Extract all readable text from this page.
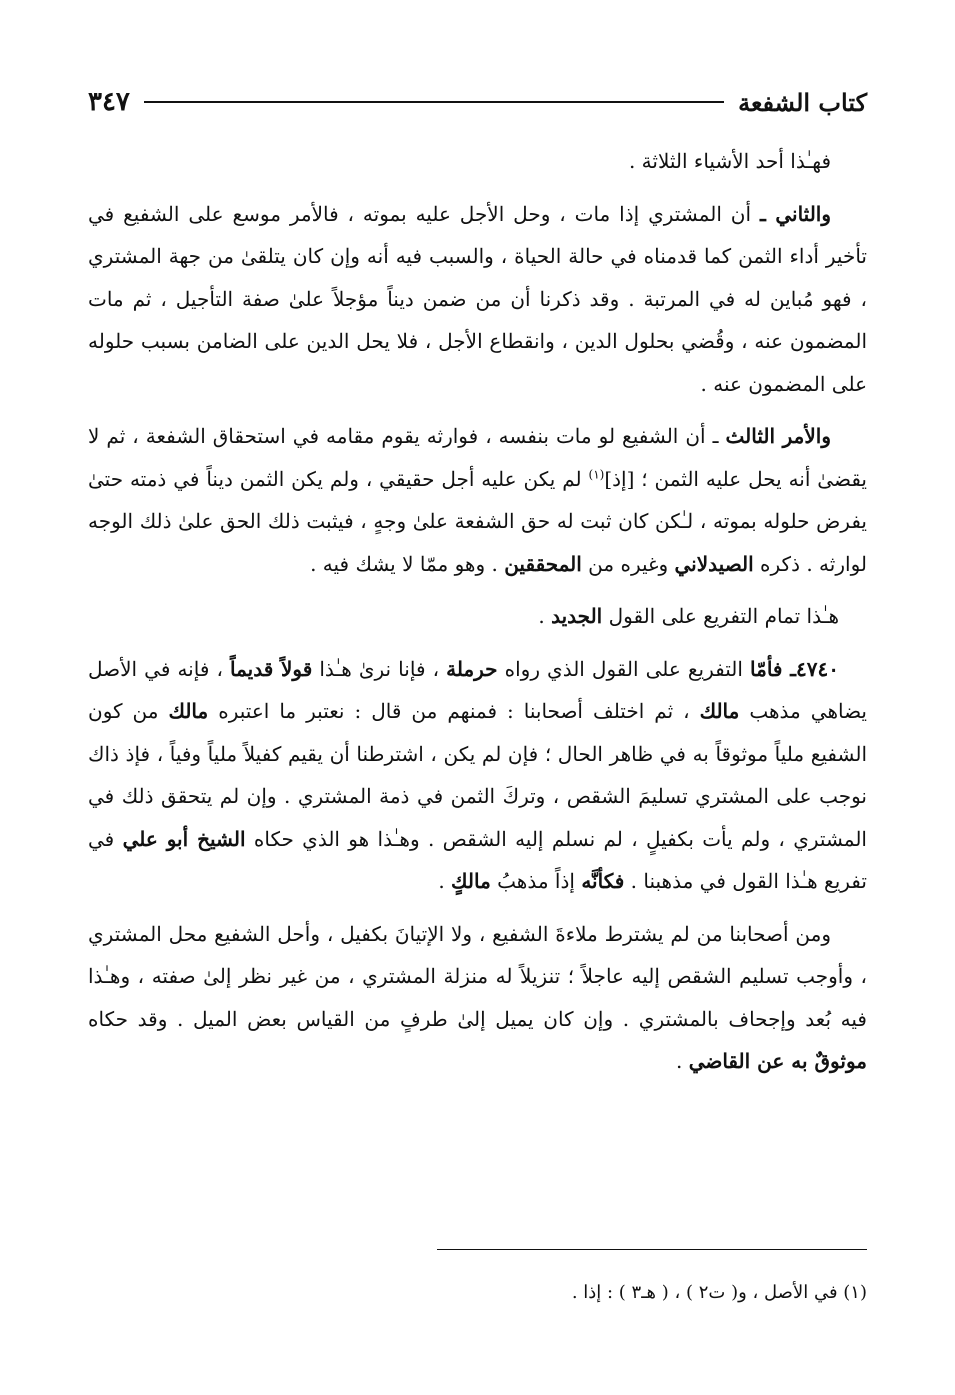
كتاب الشفعة
٣٤٧

فهـٰذا أحد الأشياء الثلاثة .

والثاني ـ أن المشتري إذا مات ، وحل الأجل عليه بموته ، فالأمر موسع على الشفيع في تأخير أداء الثمن كما قدمناه في حالة الحياة ، والسبب فيه أنه وإن كان يتلقىٰ من جهة المشتري ، فهو مُباين له في المرتبة . وقد ذكرنا أن من ضمن ديناً مؤجلاً علىٰ صفة التأجيل ، ثم مات المضمون عنه ، وقُضي بحلول الدين ، وانقطاع الأجل ، فلا يحل الدين على الضامن بسبب حلوله على المضمون عنه .

والأمر الثالث ـ أن الشفيع لو مات بنفسه ، فوارثه يقوم مقامه في استحقاق الشفعة ، ثم لا يقضىٰ أنه يحل عليه الثمن ؛ [إذ]$^{(١)}$ لم يكن عليه أجل حقيقي ، ولم يكن الثمن ديناً في ذمته حتىٰ يفرض حلوله بموته ، لـٰكن كان ثبت له حق الشفعة علىٰ وجهٍ ، فيثبت ذلك الحق علىٰ ذلك الوجه لوارثه . ذكره الصيدلاني وغيره من المحققين . وهو ممّا لا يشك فيه .

هـٰذا تمام التفريع على القول الجديد .

٤٧٤٠ـ فأمّا التفريع على القول الذي رواه حرملة ، فإنا نرىٰ هـٰذا قولاً قديماً ، فإنه في الأصل يضاهي مذهب مالك ، ثم اختلف أصحابنا : فمنهم من قال : نعتبر ما اعتبره مالك من كون الشفيع ملياً موثوقاً به في ظاهر الحال ؛ فإن لم يكن ، اشترطنا أن يقيم كفيلاً ملياً وفياً ، فإذ ذاك نوجب على المشتري تسليمَ الشقص ، وتركَ الثمن في ذمة المشتري . وإن لم يتحقق ذلك في المشتري ، ولم يأت بكفيلٍ ، لم نسلم إليه الشقص . وهـٰذا هو الذي حكاه الشيخ أبو علي في تفريع هـٰذا القول في مذهبنا . فكأنَّه إذاً مذهبُ مالكٍ .

ومن أصحابنا من لم يشترط ملاءةَ الشفيع ، ولا الإتيانَ بكفيل ، وأحل الشفيع محل المشتري ، وأوجب تسليم الشقص إليه عاجلاً ؛ تنزيلاً له منزلة المشتري ، من غير نظر إلىٰ صفته ، وهـٰذا فيه بُعد وإجحاف بالمشتري . وإن كان يميل إلىٰ طرفٍ من القياس بعض الميل . وقد حكاه موثوقٌ به عن القاضي .

(١) في الأصل ، و( ت٢ ) ، ( هـ٣ ) : إذا .
